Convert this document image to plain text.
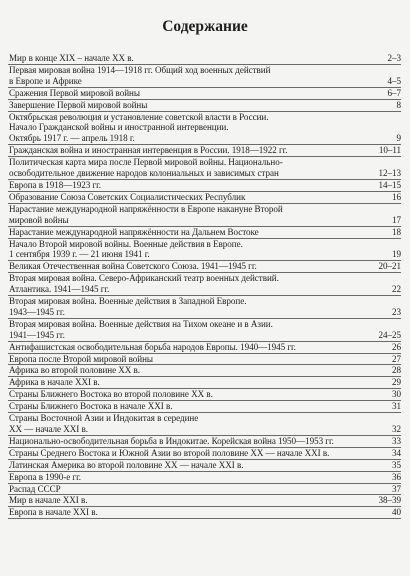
Содержание
Мир в конце XIX – начале XX в.	2–3
Первая мировая война 1914—1918 гг. Общий ход военных действий
в Европе и Африке	4–5
Сражения Первой мировой войны	6–7
Завершение Первой мировой войны	8
Октябрьская революция и установление советской власти в России.
Начало Гражданской войны и иностранной интервенции.
Октябрь 1917 г. — апрель 1918 г.	9
Гражданская война и иностранная интервенция в России. 1918—1922 гг.	10–11
Политическая карта мира после Первой мировой войны. Национально-
освободительное движение народов колониальных и зависимых стран	12–13
Европа в 1918—1923 гг.	14–15
Образование Союза Советских Социалистических Республик	16
Нарастание международной напряжённости в Европе накануне Второй
мировой войны	17
Нарастание международной напряжённости на Дальнем Востоке	18
Начало Второй мировой войны. Военные действия в Европе.
1 сентября 1939 г. — 21 июня 1941 г.	19
Великая Отечественная война Советского Союза. 1941—1945 гг.	20–21
Вторая мировая война. Северо-Африканский театр военных действий.
Атлантика. 1941—1945 гг.	22
Вторая мировая война. Военные действия в Западной Европе.
1943—1945 гг.	23
Вторая мировая война. Военные действия на Тихом океане и в Азии.
1941—1945 гг.	24–25
Антифашистская освободительная борьба народов Европы. 1940—1945 гг.	26
Европа после Второй мировой войны	27
Африка во второй половине XX в.	28
Африка в начале XXI в.	29
Страны Ближнего Востока во второй половине XX в.	30
Страны Ближнего Востока в начале XXI в.	31
Страны Восточной Азии и Индокитая в середине
XX — начале XXI в.	32
Национально-освободительная борьба в Индокитае. Корейская война 1950—1953 гг.	33
Страны Среднего Востока и Южной Азии во второй половине XX — начале XXI в.	34
Латинская Америка во второй половине XX — начале XXI в.	35
Европа в 1990-е гг.	36
Распад СССР	37
Мир в начале XXI в.	38–39
Европа в начале XXI в.	40
